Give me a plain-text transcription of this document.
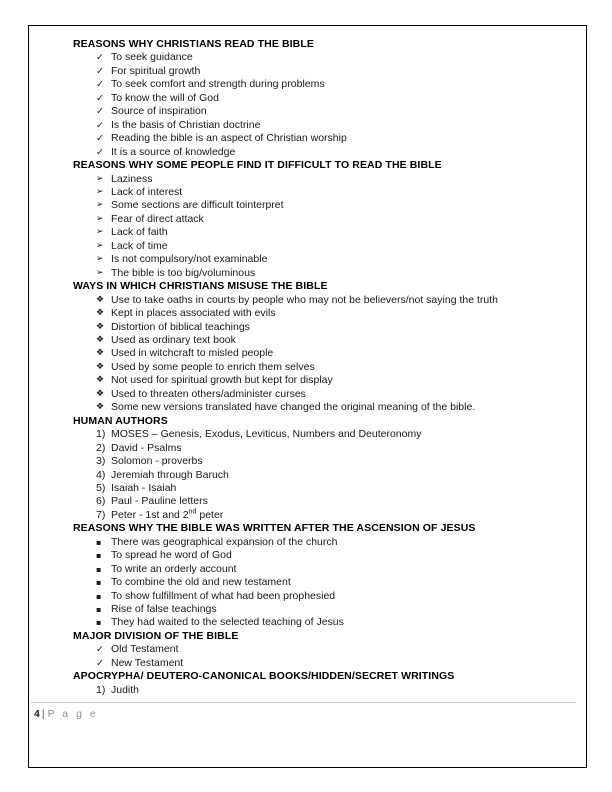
REASONS WHY CHRISTIANS READ THE BIBLE
✓ To seek guidance
✓ For spiritual growth
✓ To seek comfort and strength during problems
✓ To know the will of God
✓ Source of inspiration
✓ Is the basis of Christian doctrine
✓ Reading the bible is an aspect of Christian worship
✓ It is a source of knowledge
REASONS WHY SOME PEOPLE FIND IT DIFFICULT TO READ THE BIBLE
➢ Laziness
➢ Lack of interest
➢ Some sections are difficult tointerpret
➢ Fear of direct attack
➢ Lack of faith
➢ Lack of time
➢ Is not compulsory/not examinable
➢ The bible is too big/voluminous
WAYS IN WHICH CHRISTIANS MISUSE THE BIBLE
❖ Use to take oaths in courts by people who may not be believers/not saying the truth
❖ Kept in places associated with evils
❖ Distortion of biblical teachings
❖ Used as ordinary text book
❖ Used in witchcraft to misled people
❖ Used by some people to enrich them selves
❖ Not used for spiritual growth but kept for display
❖ Used to threaten others/administer curses
❖ Some new versions translated have changed the original meaning of the bible.
HUMAN AUTHORS
1) MOSES – Genesis, Exodus, Leviticus, Numbers and Deuteronomy
2) David - Psalms
3) Solomon - proverbs
4) Jeremiah through Baruch
5) Isaiah - Isaiah
6) Paul - Pauline letters
7) Peter - 1st and 2nd peter
REASONS WHY THE BIBLE WAS WRITTEN AFTER THE ASCENSION OF JESUS
▪ There was geographical expansion of the church
▪ To spread he word of God
▪ To write an orderly account
▪ To combine the old and new testament
▪ To show fulfillment of what had been prophesied
▪ Rise of false teachings
▪ They had waited to the selected teaching of Jesus
MAJOR DIVISION OF THE BIBLE
✓ Old Testament
✓ New Testament
APOCRYPHA/ DEUTERO-CANONICAL BOOKS/HIDDEN/SECRET WRITINGS
1) Judith
4 | P a g e
